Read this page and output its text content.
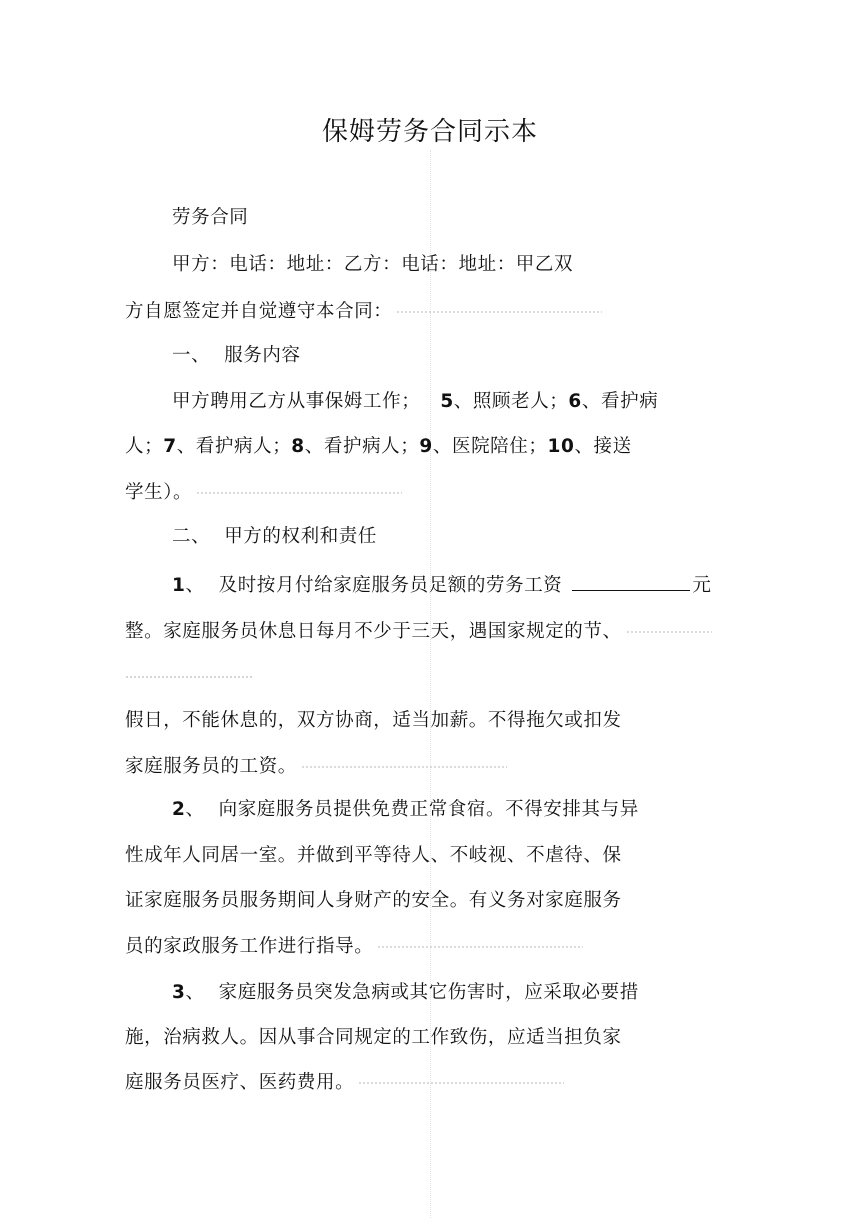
保姆劳务合同示本
劳务合同
甲方：电话：地址：乙方：电话：地址：甲乙双
方自愿签定并自觉遵守本合同：
一、 服务内容
甲方聘用乙方从事保姆工作； 5、照顾老人；6、看护病
人；7、看护病人；8、看护病人；9、医院陪住；10、接送
学生）。
二、 甲方的权利和责任
1、 及时按月付给家庭服务员足额的劳务工资	元
整。家庭服务员休息日每月不少于三天，遇国家规定的节、
假日，不能休息的，双方协商，适当加薪。不得拖欠或扣发
家庭服务员的工资。
2、 向家庭服务员提供免费正常食宿。不得安排其与异
性成年人同居一室。并做到平等待人、不岐视、不虐待、保
证家庭服务员服务期间人身财产的安全。有义务对家庭服务
员的家政服务工作进行指导。
3、 家庭服务员突发急病或其它伤害时，应采取必要措
施，治病救人。因从事合同规定的工作致伤，应适当担负家
庭服务员医疗、医药费用。
